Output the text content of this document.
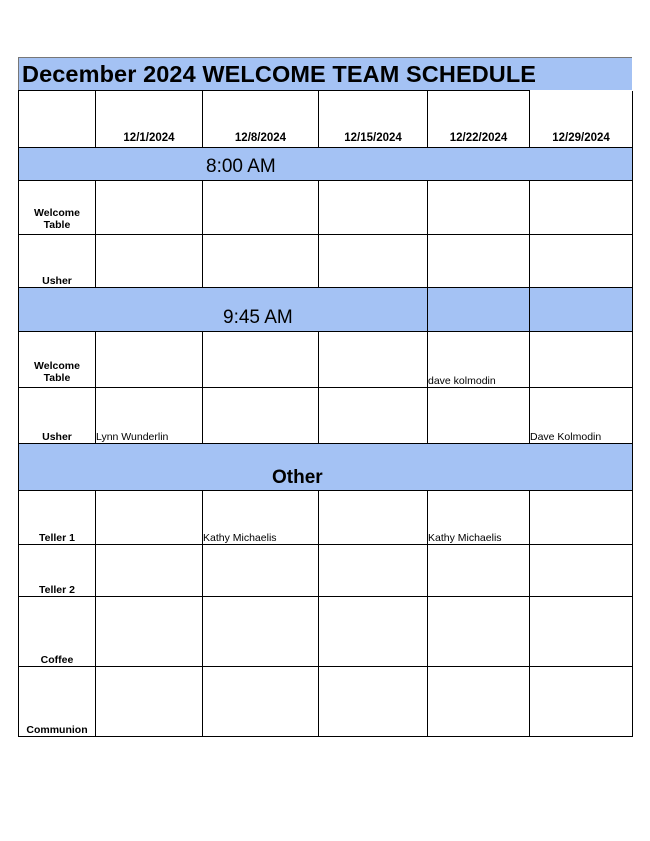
December 2024 WELCOME TEAM SCHEDULE
	12/1/2024	12/8/2024	12/15/2024	12/22/2024	12/29/2024

8:00 AM					

Welcome Table					
Usher					

9:45 AM					

Welcome Table				dave kolmodin	
Usher	Lynn Wunderlin				Dave Kolmodin

Other					

Teller 1		Kathy Michaelis		Kathy Michaelis	
Teller 2					
Coffee					
Communion					
